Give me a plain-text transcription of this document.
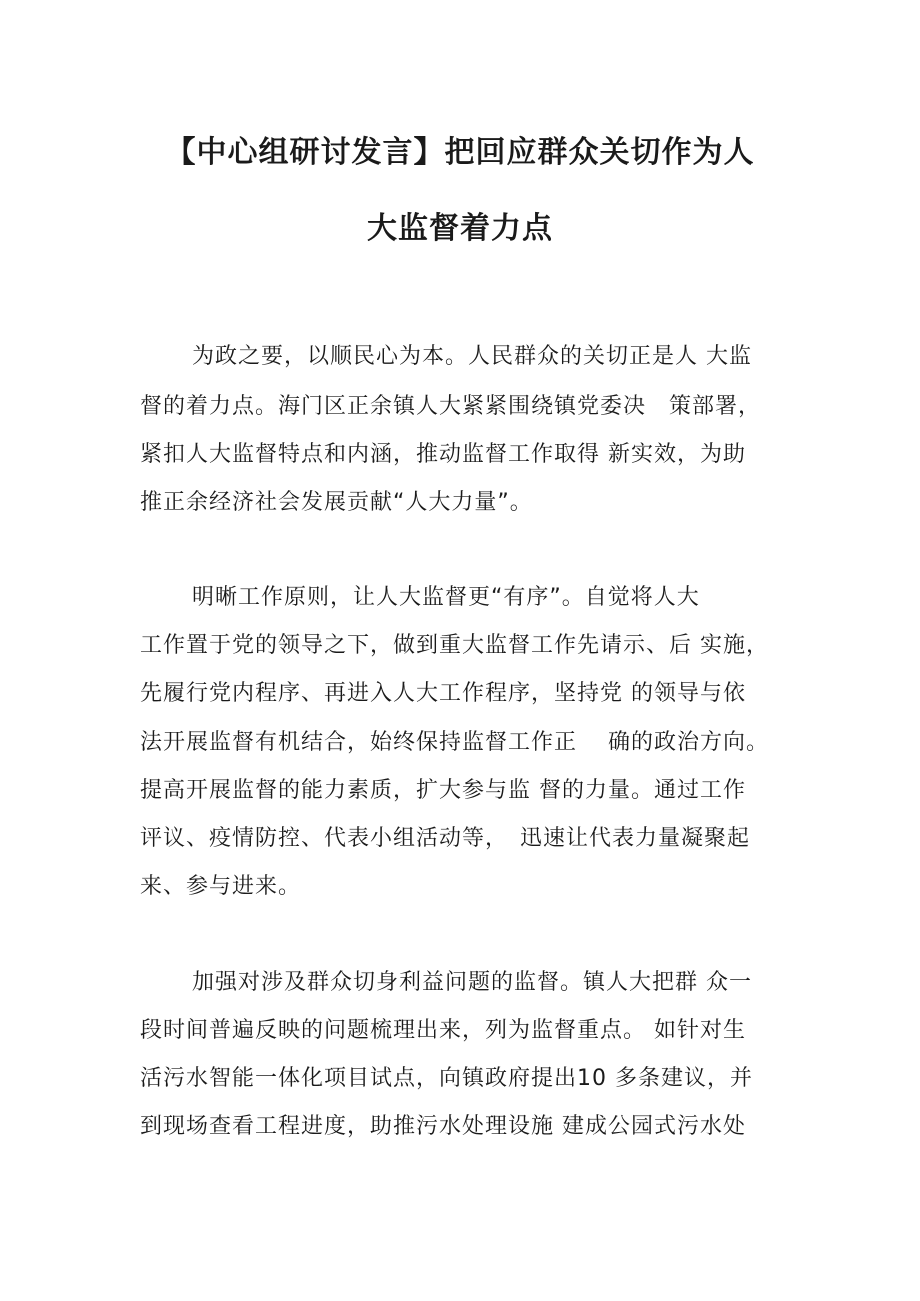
【中心组研讨发言】把回应群众关切作为人
大监督着力点
为政之要，以顺民心为本。人民群众的关切正是人 大监
督的着力点。海门区正余镇人大紧紧围绕镇党委决　策部署，
紧扣人大监督特点和内涵，推动监督工作取得 新实效，为助
推正余经济社会发展贡献“人大力量”。
明晰工作原则，让人大监督更“有序”。自觉将人大
工作置于党的领导之下，做到重大监督工作先请示、后 实施，
先履行党内程序、再进入人大工作程序，坚持党 的领导与依
法开展监督有机结合，始终保持监督工作正　 确的政治方向。
提高开展监督的能力素质，扩大参与监 督的力量。通过工作
评议、疫情防控、代表小组活动等，　迅速让代表力量凝聚起
来、参与进来。
加强对涉及群众切身利益问题的监督。镇人大把群 众一
段时间普遍反映的问题梳理出来，列为监督重点。 如针对生
活污水智能一体化项目试点，向镇政府提出10 多条建议，并
到现场查看工程进度，助推污水处理设施 建成公园式污水处
